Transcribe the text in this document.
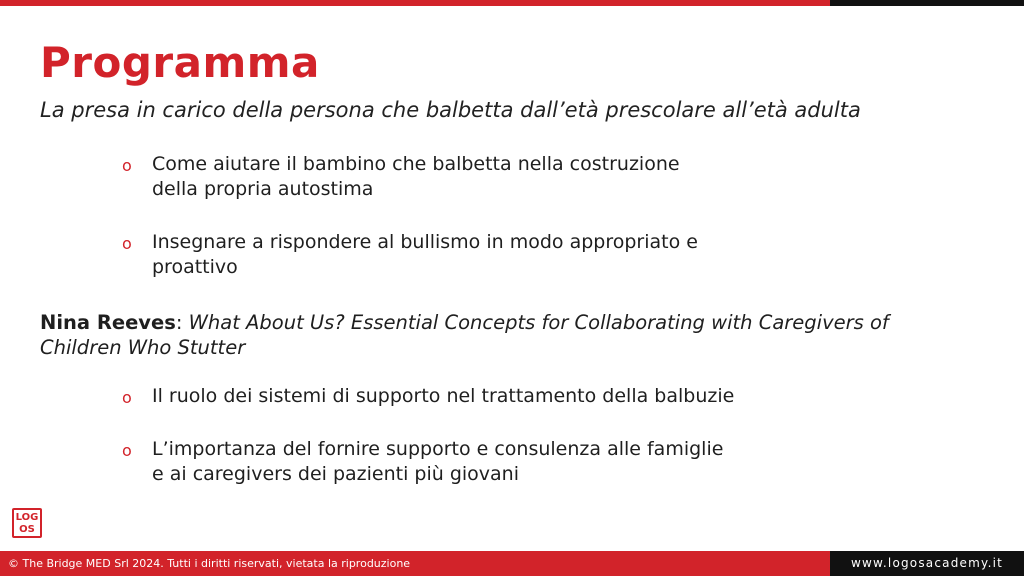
Programma
La presa in carico della persona che balbetta dall’età prescolare all’età adulta
o Come aiutare il bambino che balbetta nella costruzione
della propria autostima
o Insegnare a rispondere al bullismo in modo appropriato e
proattivo
Nina Reeves: What About Us? Essential Concepts for Collaborating with Caregivers of
Children Who Stutter
o Il ruolo dei sistemi di supporto nel trattamento della balbuzie
o L’importanza del fornire supporto e consulenza alle famiglie
e ai caregivers dei pazienti più giovani
LOG
OS
© The Bridge MED Srl 2024. Tutti i diritti riservati, vietata la riproduzione	www.logosacademy.it
